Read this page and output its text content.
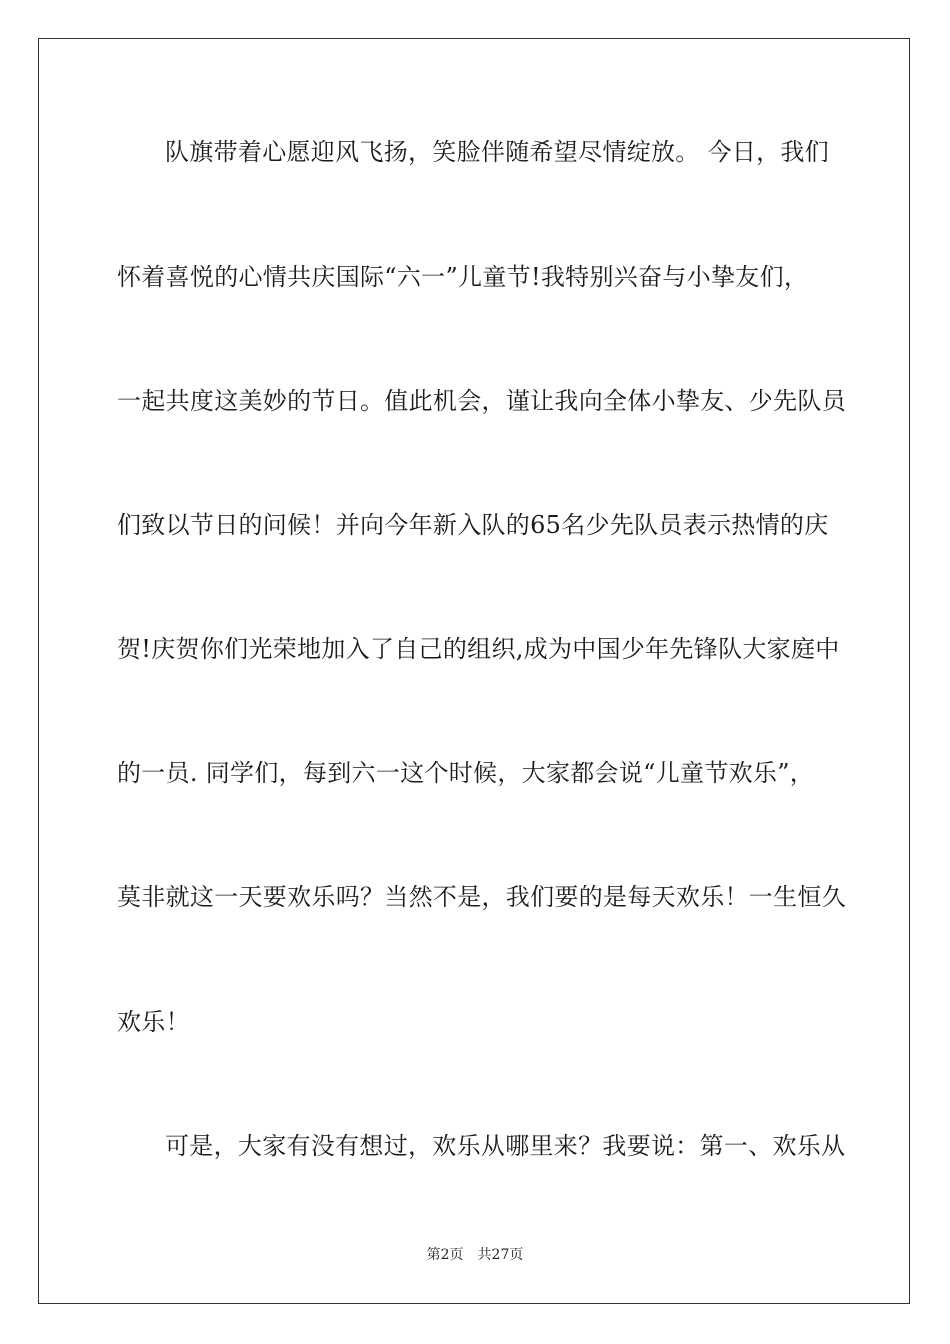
队旗带着心愿迎风飞扬，笑脸伴随希望尽情绽放。 今日，我们
怀着喜悦的心情共庆国际“六一”儿童节!我特别兴奋与小挚友们，
一起共度这美妙的节日。值此机会，谨让我向全体小挚友、少先队员
们致以节日的问候！并向今年新入队的65名少先队员表示热情的庆
贺!庆贺你们光荣地加入了自己的组织,成为中国少年先锋队大家庭中
的一员. 同学们，每到六一这个时候，大家都会说“儿童节欢乐”，
莫非就这一天要欢乐吗？当然不是，我们要的是每天欢乐！一生恒久
欢乐！
可是，大家有没有想过，欢乐从哪里来？我要说：第一、欢乐从
第2页 共27页
